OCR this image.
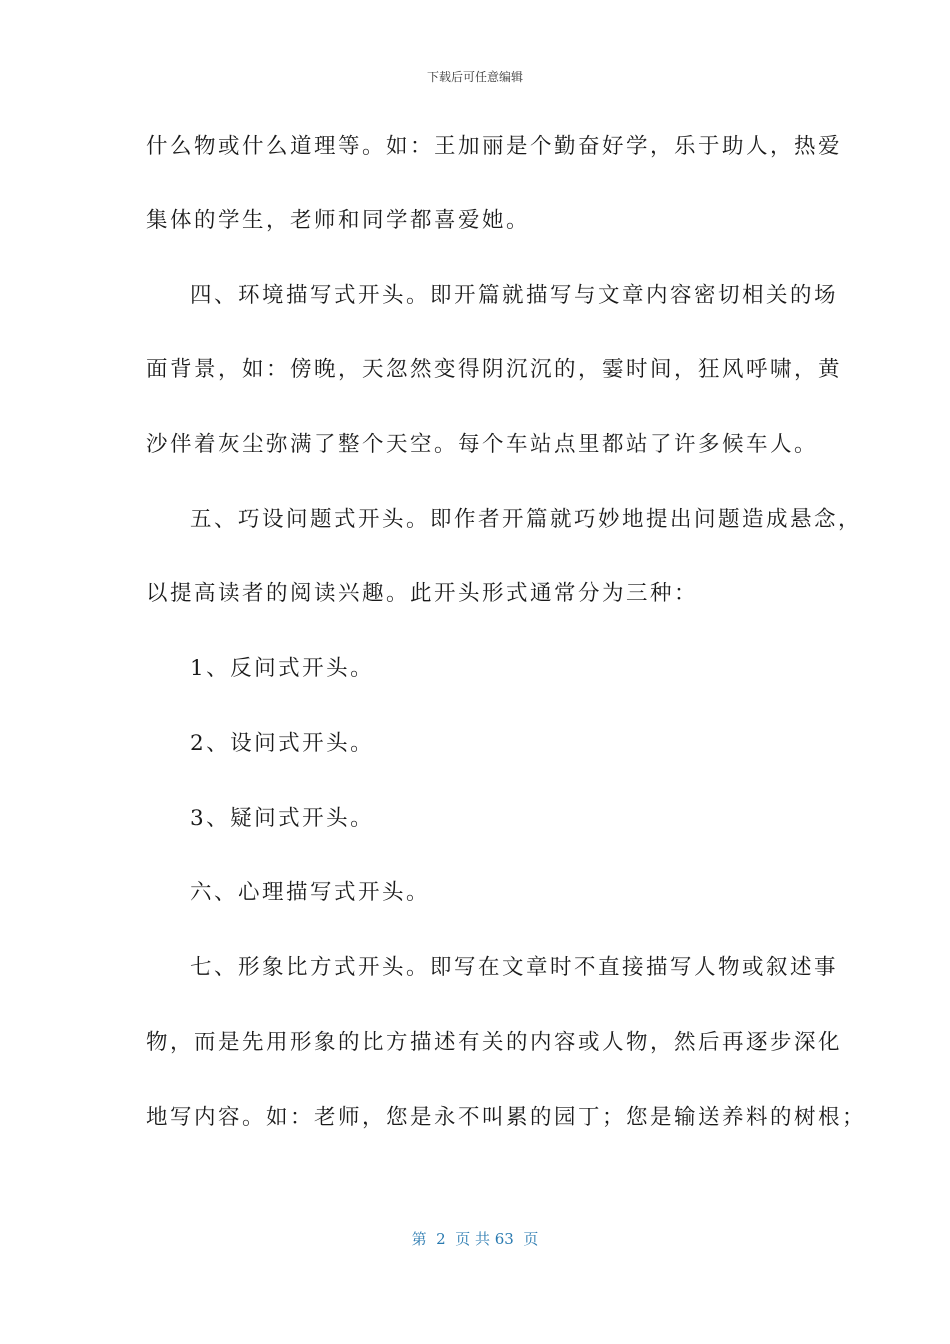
下载后可任意编辑
什么物或什么道理等。如：王加丽是个勤奋好学，乐于助人，热爱
集体的学生，老师和同学都喜爱她。
四、环境描写式开头。即开篇就描写与文章内容密切相关的场
面背景，如：傍晚，天忽然变得阴沉沉的，霎时间，狂风呼啸，黄
沙伴着灰尘弥满了整个天空。每个车站点里都站了许多候车人。
五、巧设问题式开头。即作者开篇就巧妙地提出问题造成悬念，
以提高读者的阅读兴趣。此开头形式通常分为三种：
1、反问式开头。
2、设问式开头。
3、疑问式开头。
六、心理描写式开头。
七、形象比方式开头。即写在文章时不直接描写人物或叙述事
物，而是先用形象的比方描述有关的内容或人物，然后再逐步深化
地写内容。如：老师，您是永不叫累的园丁；您是输送养料的树根；
第  2  页 共 63  页
